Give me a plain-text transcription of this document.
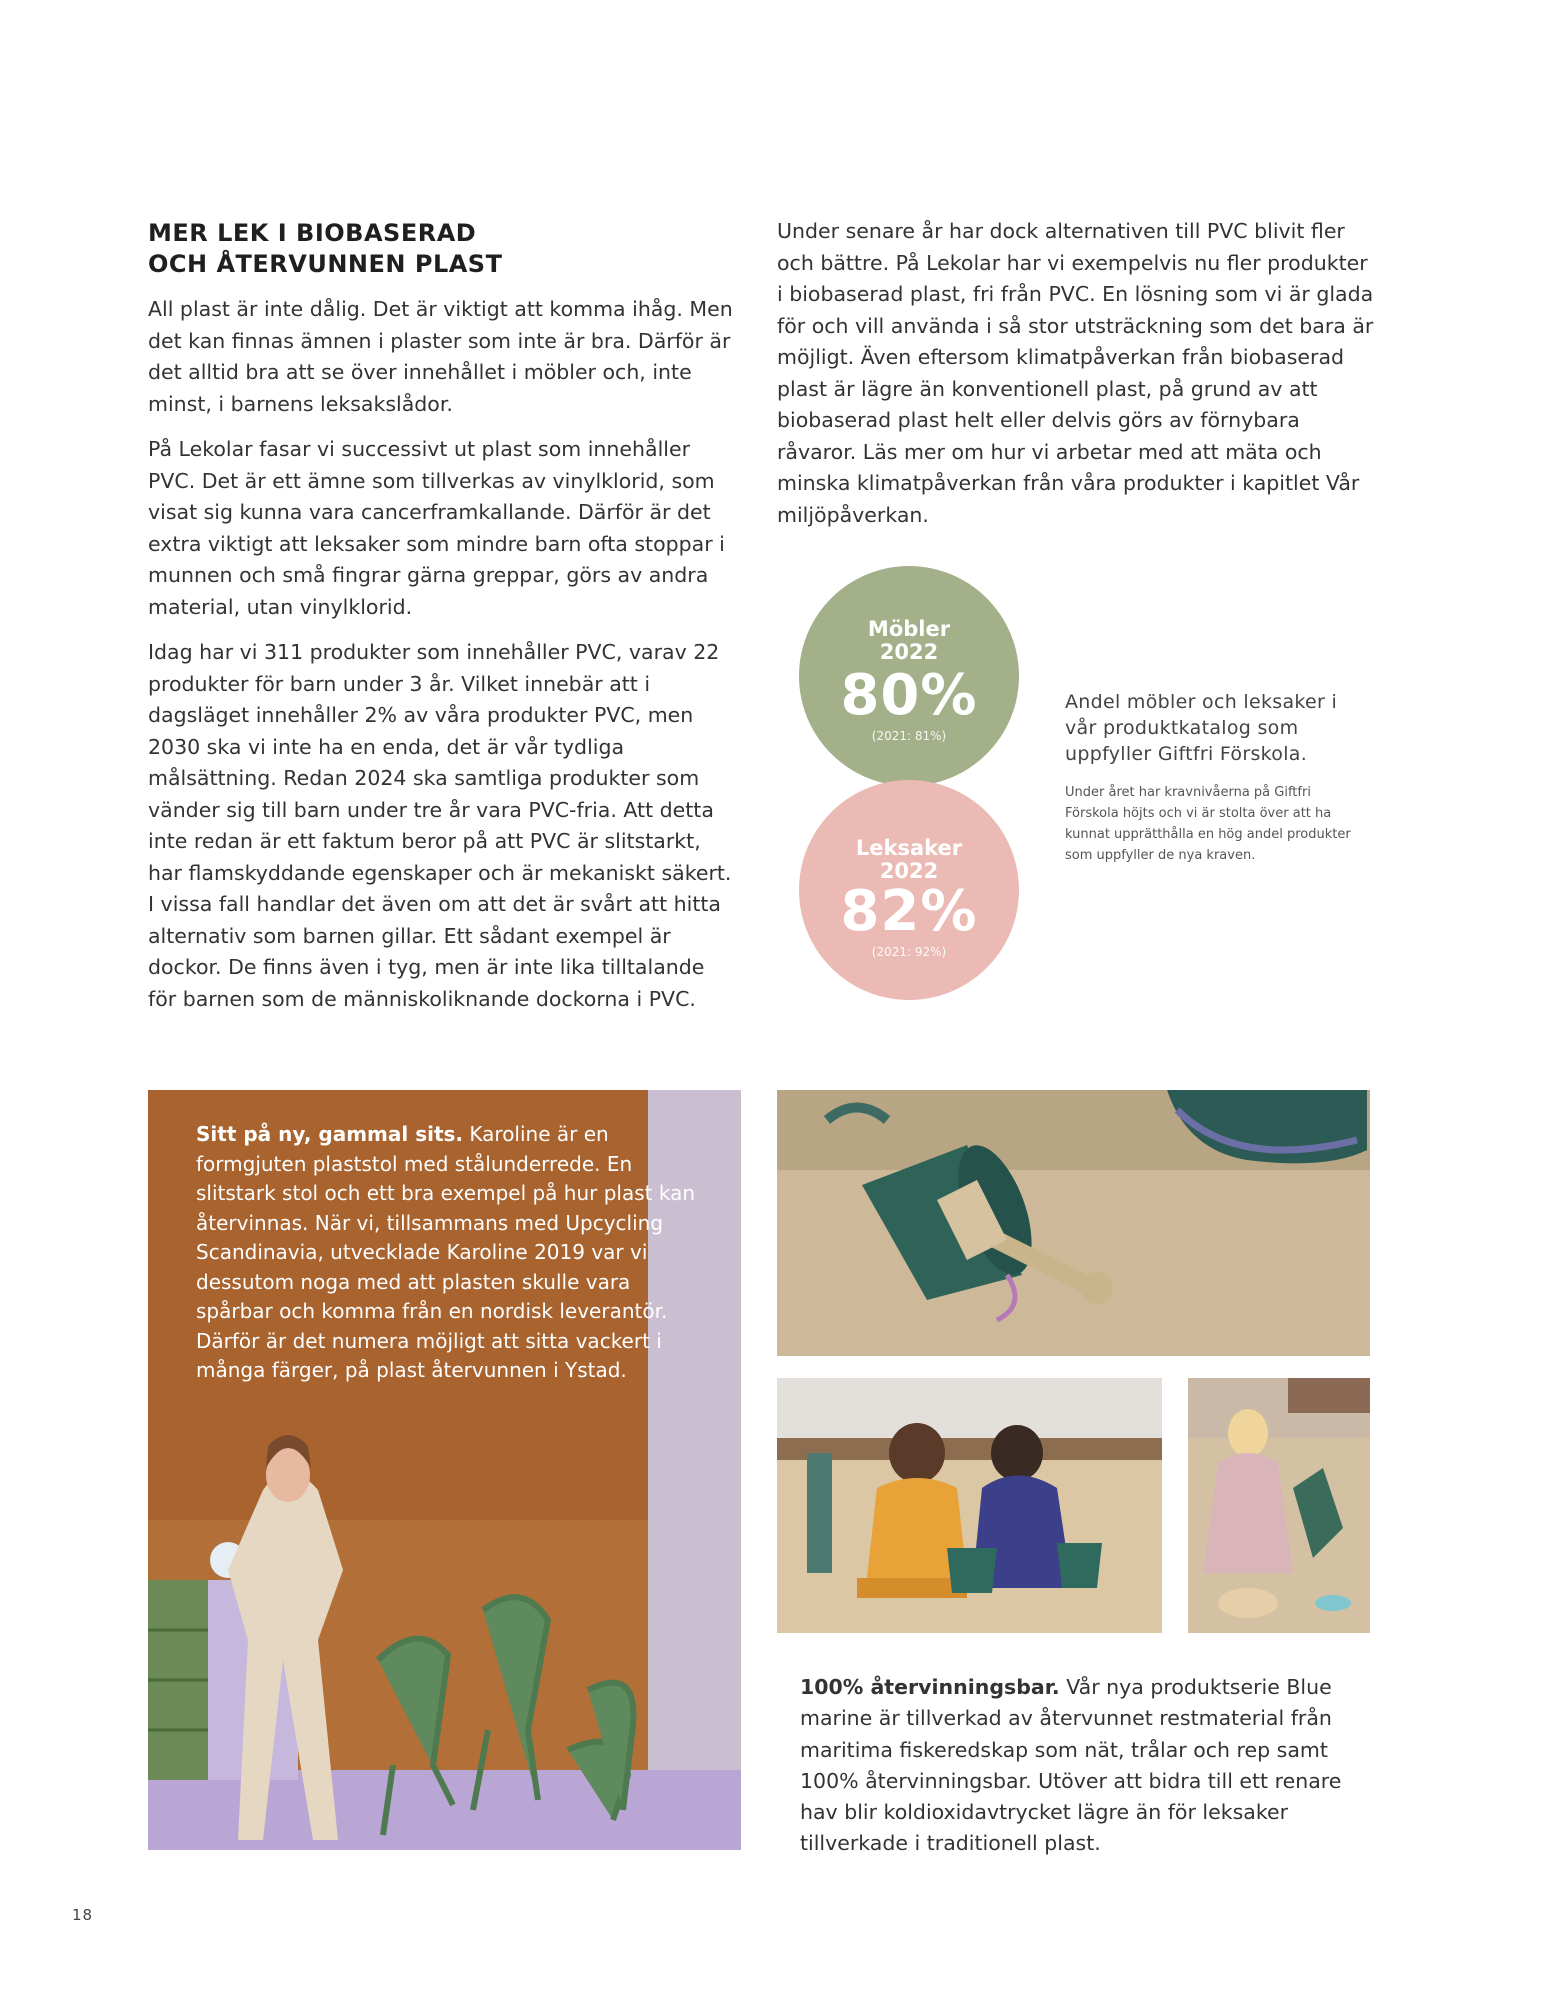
MER LEK I BIOBASERAD
OCH ÅTERVUNNEN PLAST

All plast är inte dålig. Det är viktigt att komma ihåg. Men det kan finnas ämnen i plaster som inte är bra. Därför är det alltid bra att se över innehållet i möbler och, inte minst, i barnens leksakslådor.

På Lekolar fasar vi successivt ut plast som innehåller PVC. Det är ett ämne som tillverkas av vinylklorid, som visat sig kunna vara cancerframkallande. Därför är det extra viktigt att leksaker som mindre barn ofta stoppar i munnen och små fingrar gärna greppar, görs av andra material, utan vinylklorid.

Idag har vi 311 produkter som innehåller PVC, varav 22 produkter för barn under 3 år. Vilket innebär att i dagsläget innehåller 2% av våra produkter PVC, men 2030 ska vi inte ha en enda, det är vår tydliga målsättning. Redan 2024 ska samtliga produkter som vänder sig till barn under tre år vara PVC-fria. Att detta inte redan är ett faktum beror på att PVC är slitstarkt, har flamskyddande egenskaper och är mekaniskt säkert. I vissa fall handlar det även om att det är svårt att hitta alternativ som barnen gillar. Ett sådant exempel är dockor. De finns även i tyg, men är inte lika tilltalande för barnen som de människoliknande dockorna i PVC.

Under senare år har dock alternativen till PVC blivit fler och bättre. På Lekolar har vi exempelvis nu fler produkter i biobaserad plast, fri från PVC. En lösning som vi är glada för och vill använda i så stor utsträckning som det bara är möjligt. Även eftersom klimatpåverkan från biobaserad plast är lägre än konventionell plast, på grund av att biobaserad plast helt eller delvis görs av förnybara råvaror. Läs mer om hur vi arbetar med att mäta och minska klimatpåverkan från våra produkter i kapitlet Vår miljöpåverkan.

Möbler
2022
80%
(2021: 81%)
Leksaker
2022
82%
(2021: 92%)
Andel möbler och leksaker i vår produktkatalog som uppfyller Giftfri Förskola.
Under året har kravnivåerna på Giftfri Förskola höjts och vi är stolta över att ha kunnat upprätthålla en hög andel produkter som uppfyller de nya kraven.
Sitt på ny, gammal sits. Karoline är en formgjuten plaststol med stålunderrede. En slitstark stol och ett bra exempel på hur plast kan återvinnas. När vi, tillsammans med Upcycling Scandinavia, utvecklade Karoline 2019 var vi dessutom noga med att plasten skulle vara spårbar och komma från en nordisk leverantör. Därför är det numera möjligt att sitta vackert i många färger, på plast återvunnen i Ystad.
100% återvinningsbar. Vår nya produktserie Blue marine är tillverkad av återvunnet restmaterial från maritima fiskeredskap som nät, trålar och rep samt 100% återvinningsbar. Utöver att bidra till ett renare hav blir koldioxidavtrycket lägre än för leksaker tillverkade i traditionell plast.
18
